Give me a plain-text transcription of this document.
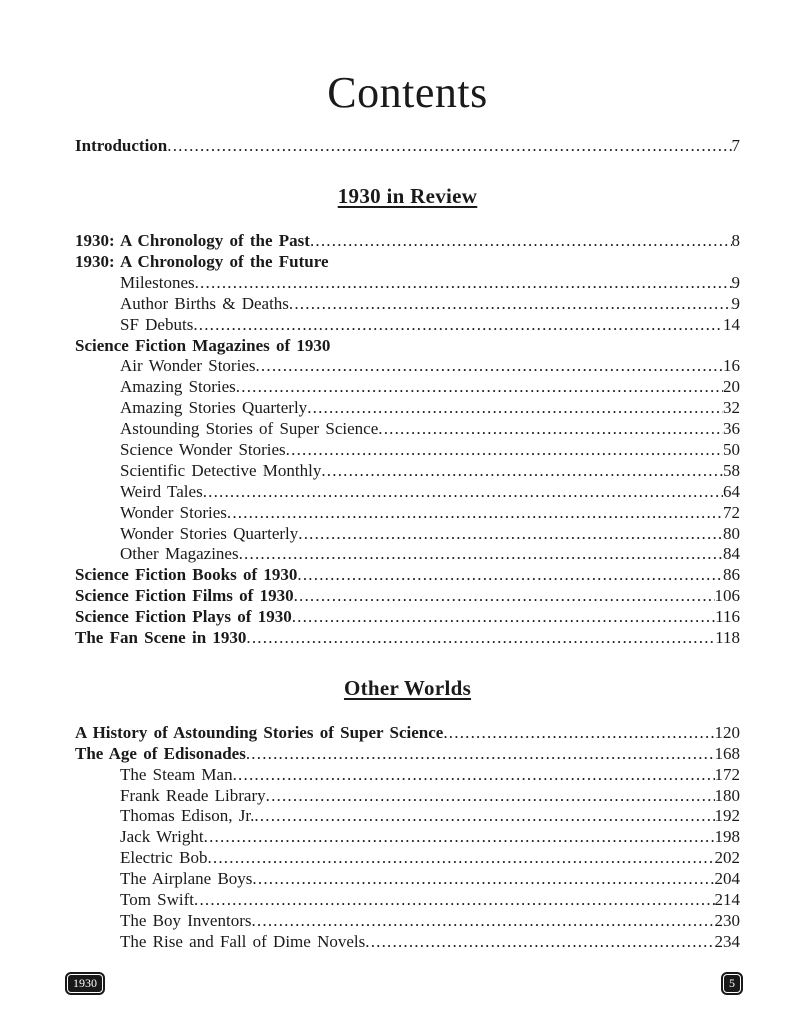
Contents
Introduction .....	7
1930 in Review
1930: A Chronology of the Past .....	8
1930: A Chronology of the Future
Milestones .....	9
Author Births & Deaths .....	9
SF Debuts .....	14
Science Fiction Magazines of 1930
Air Wonder Stories .....	16
Amazing Stories .....	20
Amazing Stories Quarterly .....	32
Astounding Stories of Super Science .....	36
Science Wonder Stories .....	50
Scientific Detective Monthly .....	58
Weird Tales .....	64
Wonder Stories .....	72
Wonder Stories Quarterly .....	80
Other Magazines .....	84
Science Fiction Books of 1930 .....	86
Science Fiction Films of 1930 .....	106
Science Fiction Plays of 1930 .....	116
The Fan Scene in 1930 .....	118
Other Worlds
A History of Astounding Stories of Super Science .....	120
The Age of Edisonades .....	168
The Steam Man .....	172
Frank Reade Library .....	180
Thomas Edison, Jr. .....	192
Jack Wright .....	198
Electric Bob .....	202
The Airplane Boys .....	204
Tom Swift .....	214
The Boy Inventors .....	230
The Rise and Fall of Dime Novels .....	234
1930	5
